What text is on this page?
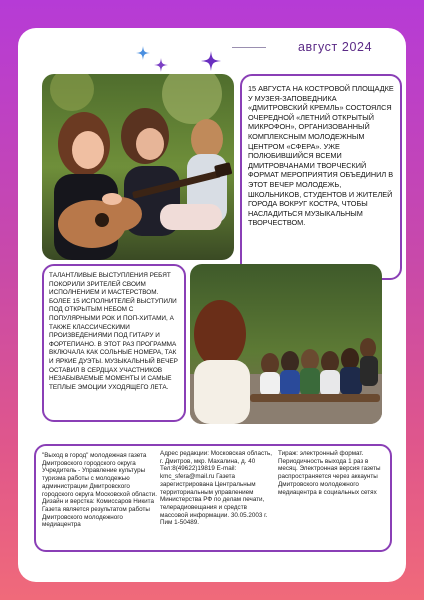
август 2024
15 АВГУСТА НА КОСТРОВОЙ ПЛОЩАДКЕ У МУЗЕЯ-ЗАПОВЕДНИКА «ДМИТРОВСКИЙ КРЕМЛЬ» СОСТОЯЛСЯ ОЧЕРЕДНОЙ «ЛЕТНИЙ ОТКРЫТЫЙ МИКРОФОН», ОРГАНИЗОВАННЫЙ КОМПЛЕКСНЫМ МОЛОДЕЖНЫМ ЦЕНТРОМ «СФЕРА». УЖЕ ПОЛЮБИВШИЙСЯ ВСЕМИ ДМИТРОВЧАНАМИ ТВОРЧЕСКИЙ ФОРМАТ МЕРОПРИЯТИЯ ОБЪЕДИНИЛ В ЭТОТ ВЕЧЕР МОЛОДЕЖЬ, ШКОЛЬНИКОВ, СТУДЕНТОВ И ЖИТЕЛЕЙ ГОРОДА ВОКРУГ КОСТРА, ЧТОБЫ НАСЛАДИТЬСЯ МУЗЫКАЛЬНЫМ ТВОРЧЕСТВОМ.
ТАЛАНТЛИВЫЕ ВЫСТУПЛЕНИЯ РЕБЯТ ПОКОРИЛИ ЗРИТЕЛЕЙ СВОИМ ИСПОЛНЕНИЕМ И МАСТЕРСТВОМ. БОЛЕЕ 15 ИСПОЛНИТЕЛЕЙ ВЫСТУПИЛИ ПОД ОТКРЫТЫМ НЕБОМ С ПОПУЛЯРНЫМИ РОК И ПОП-ХИТАМИ, А ТАКЖЕ КЛАССИЧЕСКИМИ ПРОИЗВЕДЕНИЯМИ ПОД ГИТАРУ И ФОРТЕПИАНО. В ЭТОТ РАЗ ПРОГРАММА ВКЛЮЧАЛА КАК СОЛЬНЫЕ НОМЕРА, ТАК И ЯРКИЕ ДУЭТЫ. МУЗЫКАЛЬНЫЙ ВЕЧЕР ОСТАВИЛ В СЕРДЦАХ УЧАСТНИКОВ НЕЗАБЫВАЕМЫЕ МОМЕНТЫ И САМЫЕ ТЕПЛЫЕ ЭМОЦИИ УХОДЯЩЕГО ЛЕТА.
"Выход в город" молодежная газета Дмитровского городского округа Учредитель - Управление культуры туризма работы с молодежью администрации Дмитровского городского округа Московской области. Дизайн и верстка: Комиссаров Никита Газета является результатом работы Дмитровского молодежного медиацентра
Адрес редакции: Московская область, г. Дмитров, мкр. Махалина, д. 40 Тел:8(49622)19819 E-mail: kmc_sfera@mail.ru Газета зарегистрирована Центральным территориальным управлением Министерства РФ по делам печати, телерадиовещания и средств массовой информации. 30.05.2003 г. Пим 1-50489.
Тираж: электронный формат. Периодичность выхода 1 раз в месяц. Электронная версия газеты распространяется через аккаунты Дмитровского молодежного медиацентра в социальных сетях
